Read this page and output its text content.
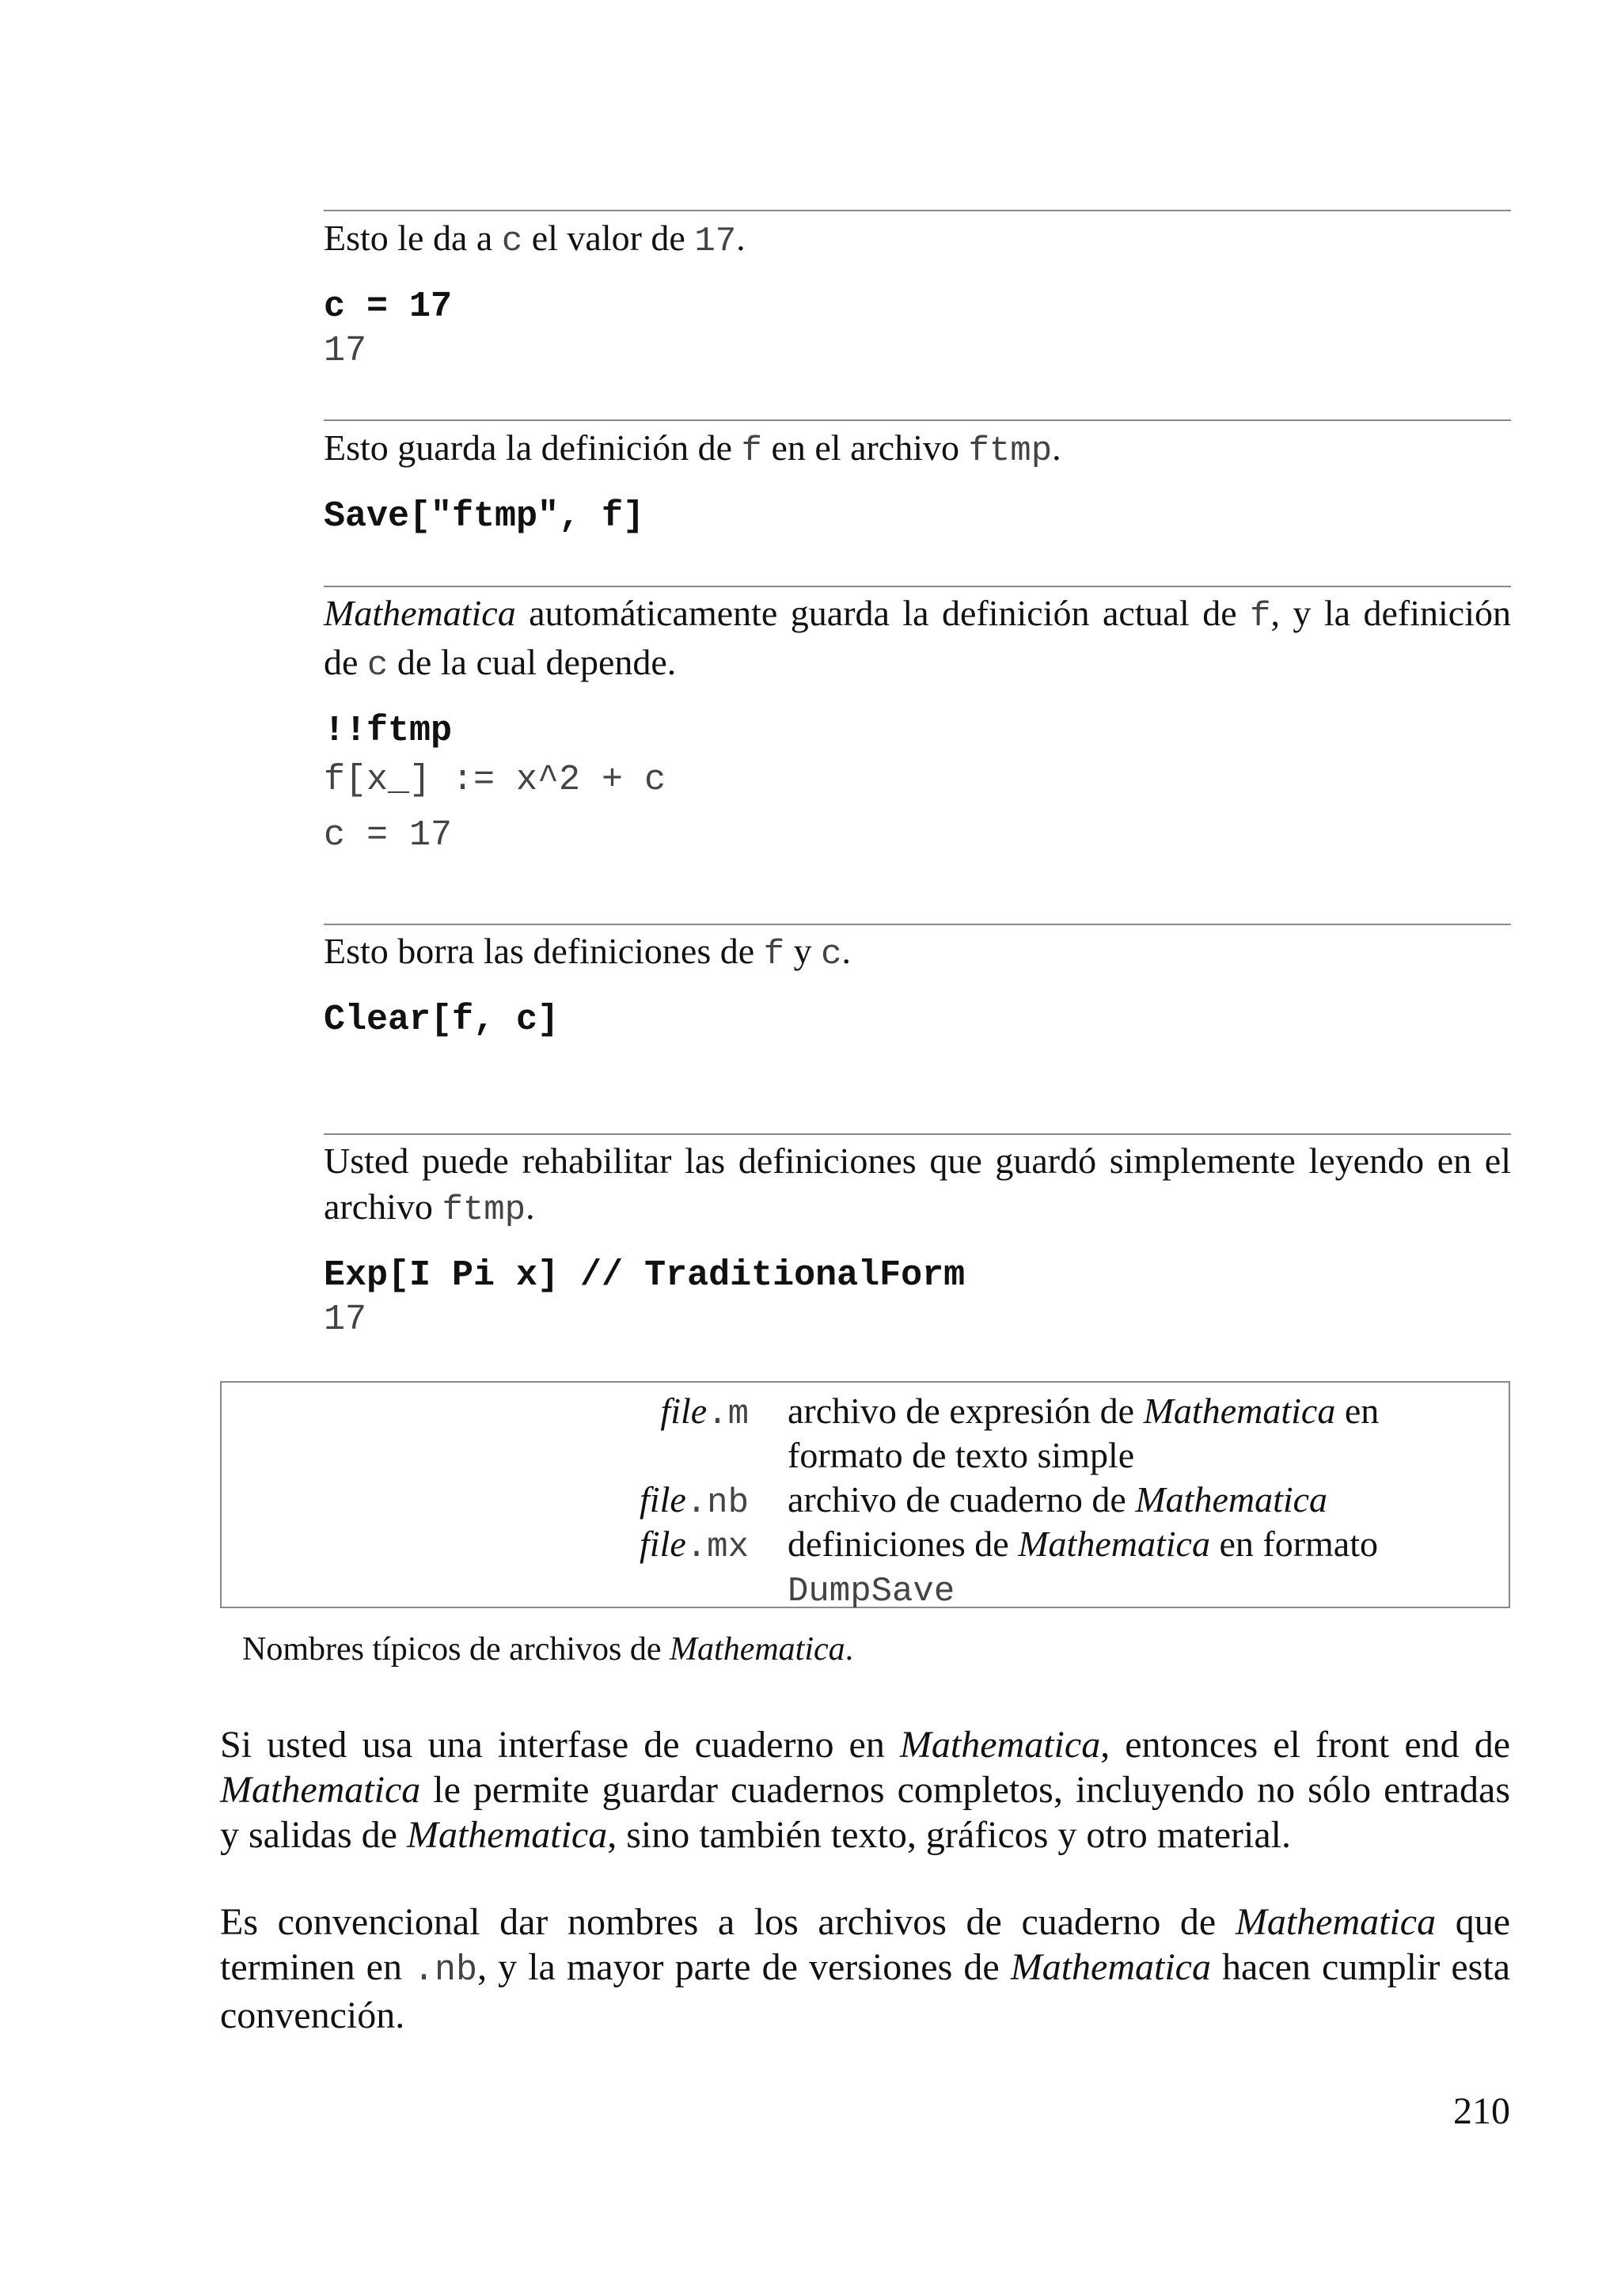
Esto le da a c el valor de 17.

c = 17

17

Esto guarda la definición de f en el archivo ftmp.

Save["ftmp", f]

Mathematica automáticamente guarda la definición actual de f, y la definición de c de la cual depende.

!!ftmp

f[x_] := x^2 + c

c = 17

Esto borra las definiciones de f y c.

Clear[f, c]

Usted puede rehabilitar las definiciones que guardó simplemente leyendo en el archivo ftmp.

Exp[I Pi x] // TraditionalForm

17

file.m archivo de expresión de Mathematica en formato de texto simple
file.nb archivo de cuaderno de Mathematica
file.mx definiciones de Mathematica en formato
DumpSave

Nombres típicos de archivos de Mathematica.

Si usted usa una interfase de cuaderno en Mathematica, entonces el front end de Mathematica le permite guardar cuadernos completos, incluyendo no sólo entradas y salidas de Mathematica, sino también texto, gráficos y otro material.

Es convencional dar nombres a los archivos de cuaderno de Mathematica que terminen en .nb, y la mayor parte de versiones de Mathematica hacen cumplir esta convención.

210
